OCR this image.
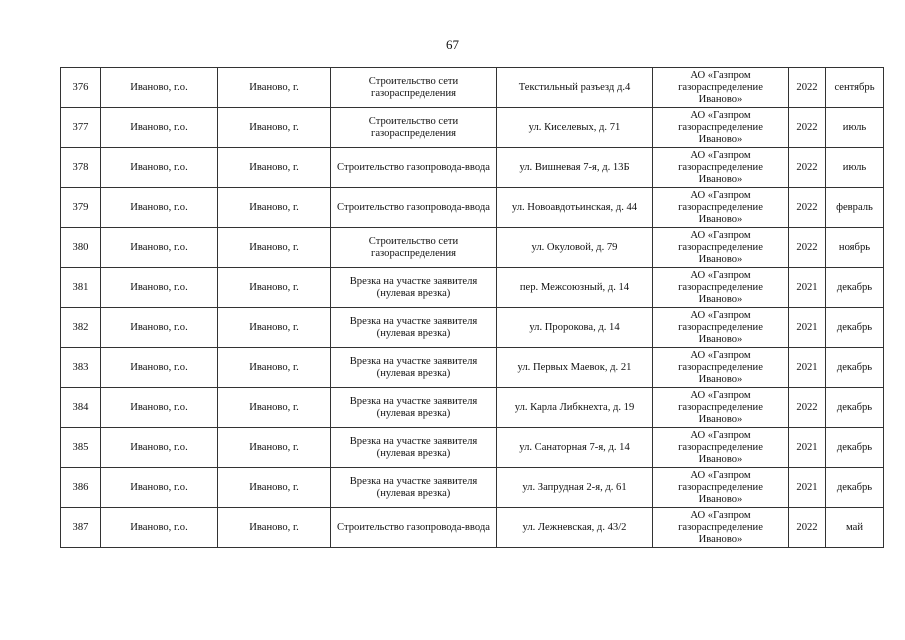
67
376	Иваново, г.о.	Иваново, г.	Строительство сети газораспределения	Текстильный разъезд д.4	АО «Газпром
газораспределение
Иваново»	2022	сентябрь
377	Иваново, г.о.	Иваново, г.	Строительство сети газораспределения	ул. Киселевых, д. 71	АО «Газпром
газораспределение
Иваново»	2022	июль
378	Иваново, г.о.	Иваново, г.	Строительство газопровода-ввода	ул. Вишневая 7-я, д. 13Б	АО «Газпром
газораспределение
Иваново»	2022	июль
379	Иваново, г.о.	Иваново, г.	Строительство газопровода-ввода	ул. Новоавдотьинская, д. 44	АО «Газпром
газораспределение
Иваново»	2022	февраль
380	Иваново, г.о.	Иваново, г.	Строительство сети газораспределения	ул. Окуловой, д. 79	АО «Газпром
газораспределение
Иваново»	2022	ноябрь
381	Иваново, г.о.	Иваново, г.	Врезка на участке заявителя (нулевая врезка)	пер. Межсоюзный, д. 14	АО «Газпром
газораспределение
Иваново»	2021	декабрь
382	Иваново, г.о.	Иваново, г.	Врезка на участке заявителя (нулевая врезка)	ул. Пророкова, д. 14	АО «Газпром
газораспределение
Иваново»	2021	декабрь
383	Иваново, г.о.	Иваново, г.	Врезка на участке заявителя (нулевая врезка)	ул. Первых Маевок, д. 21	АО «Газпром
газораспределение
Иваново»	2021	декабрь
384	Иваново, г.о.	Иваново, г.	Врезка на участке заявителя (нулевая врезка)	ул. Карла Либкнехта, д. 19	АО «Газпром
газораспределение
Иваново»	2022	декабрь
385	Иваново, г.о.	Иваново, г.	Врезка на участке заявителя (нулевая врезка)	ул. Санаторная 7-я, д. 14	АО «Газпром
газораспределение
Иваново»	2021	декабрь
386	Иваново, г.о.	Иваново, г.	Врезка на участке заявителя (нулевая врезка)	ул. Запрудная 2-я, д. 61	АО «Газпром
газораспределение
Иваново»	2021	декабрь
387	Иваново, г.о.	Иваново, г.	Строительство газопровода-ввода	ул. Лежневская, д. 43/2	АО «Газпром
газораспределение
Иваново»	2022	май
